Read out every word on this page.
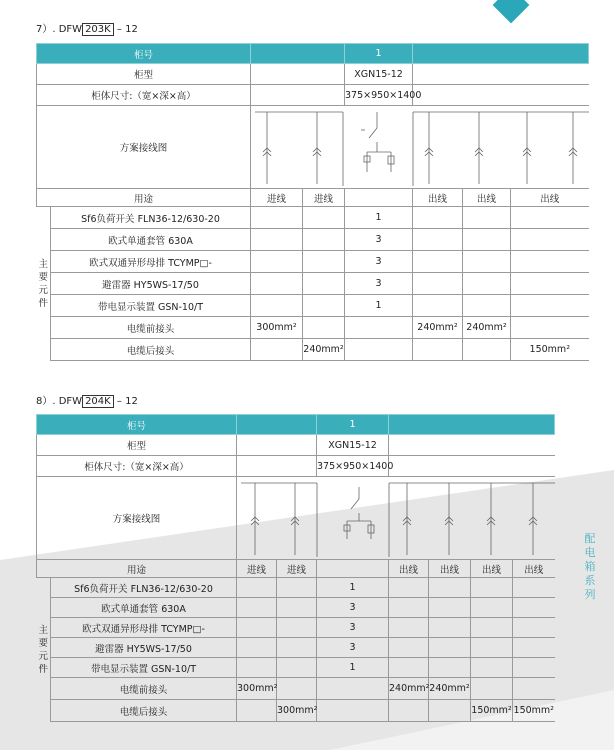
配
电
箱
系
列
7）. DFW 203K – 12
柜号				1			
柜型				XGN15-12			
柜体尺寸:（宽×深×高）				375×950×1400			
方案接线图	

用途		进线	进线		出线	出线	出线

主
要
元
件	Sf6负荷开关 FLN36-12/630-20			1			
	欧式单通套管 630A			3			
	欧式双通异形母排 TCYMP□-			3			
	避雷器 HY5WS-17/50			3			
	带电显示装置 GSN-10/T			1			
	电缆前接头	300mm²			240mm²	240mm²	
	电缆后接头		240mm²				150mm²
8）. DFW 204K – 12
柜号				1				
柜型				XGN15-12				
柜体尺寸:（宽×深×高）				375×950×1400				
方案接线图	

用途		进线	进线		出线	出线	出线	出线

主
要
元
件	Sf6负荷开关 FLN36-12/630-20			1				
	欧式单通套管 630A			3				
	欧式双通异形母排 TCYMP□-			3				
	避雷器 HY5WS-17/50			3				
	带电显示装置 GSN-10/T			1				
	电缆前接头	300mm²			240mm²	240mm²		
	电缆后接头		300mm²				150mm²	150mm²
